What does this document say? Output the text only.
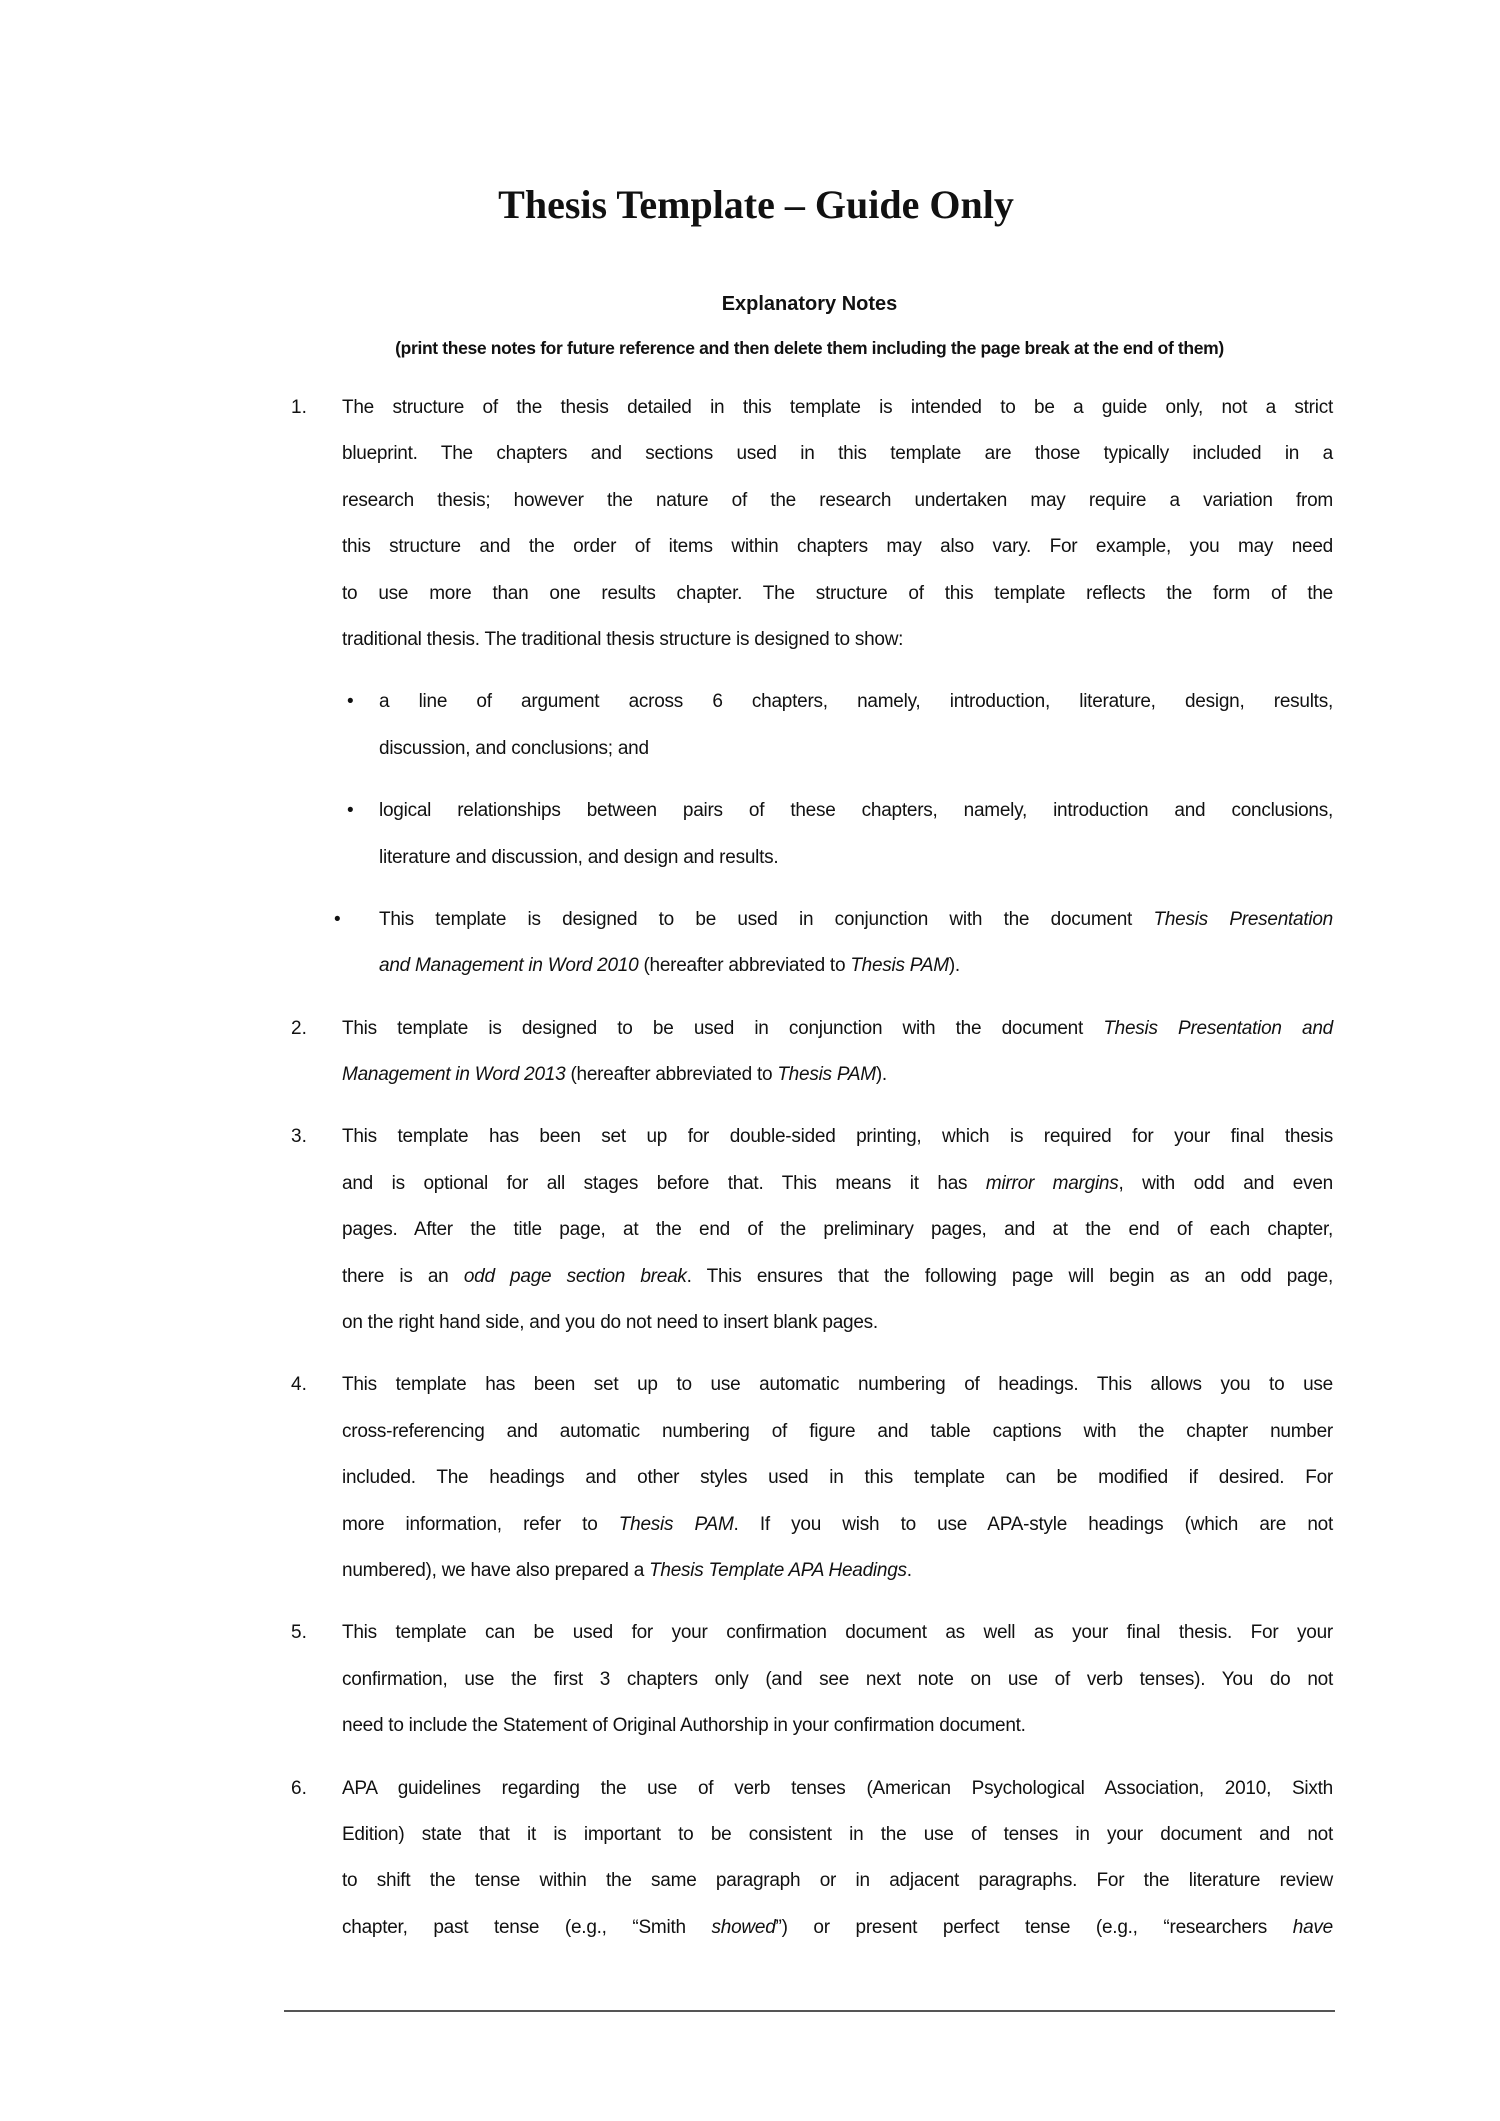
Thesis Template – Guide Only
Explanatory Notes
(print these notes for future reference and then delete them including the page break at the end of them)
1. The structure of the thesis detailed in this template is intended to be a guide only, not a strict
blueprint. The chapters and sections used in this template are those typically included in a
research thesis; however the nature of the research undertaken may require a variation from
this structure and the order of items within chapters may also vary. For example, you may need
to use more than one results chapter. The structure of this template reflects the form of the
traditional thesis. The traditional thesis structure is designed to show:
• a line of argument across 6 chapters, namely, introduction, literature, design, results,
discussion, and conclusions; and
• logical relationships between pairs of these chapters, namely, introduction and conclusions,
literature and discussion, and design and results.
• This template is designed to be used in conjunction with the document Thesis Presentation
and Management in Word 2010 (hereafter abbreviated to Thesis PAM).
2. This template is designed to be used in conjunction with the document Thesis Presentation and
Management in Word 2013 (hereafter abbreviated to Thesis PAM).
3. This template has been set up for double-sided printing, which is required for your final thesis
and is optional for all stages before that. This means it has mirror margins, with odd and even
pages. After the title page, at the end of the preliminary pages, and at the end of each chapter,
there is an odd page section break. This ensures that the following page will begin as an odd page,
on the right hand side, and you do not need to insert blank pages.
4. This template has been set up to use automatic numbering of headings. This allows you to use
cross-referencing and automatic numbering of figure and table captions with the chapter number
included. The headings and other styles used in this template can be modified if desired. For
more information, refer to Thesis PAM. If you wish to use APA-style headings (which are not
numbered), we have also prepared a Thesis Template APA Headings.
5. This template can be used for your confirmation document as well as your final thesis. For your
confirmation, use the first 3 chapters only (and see next note on use of verb tenses). You do not
need to include the Statement of Original Authorship in your confirmation document.
6. APA guidelines regarding the use of verb tenses (American Psychological Association, 2010, Sixth
Edition) state that it is important to be consistent in the use of tenses in your document and not
to shift the tense within the same paragraph or in adjacent paragraphs. For the literature review
chapter, past tense (e.g., “Smith showed”) or present perfect tense (e.g., “researchers have
